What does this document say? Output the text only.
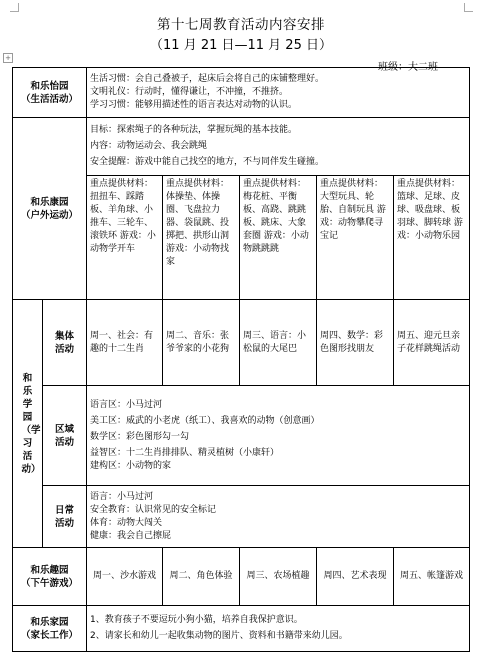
+
第十七周教育活动内容安排
（11 月 21 日—11 月 25 日）
班级：大二班
和乐怡园
（生活活动）		生活习惯：会自己叠被子，起床后会将自己的床铺整理好。
文明礼仪：行动时，懂得谦让，不冲撞，不推挤。
学习习惯：能够用描述性的语言表达对动物的认识。				

和乐康园
（户外运动）		目标：探索绳子的各种玩法，掌握玩绳的基本技能。
内容：动物运动会、我会跳绳
安全提醒：游戏中能自己找空的地方，不与同伴发生碰撞。				

		重点提供材料：扭扭车、踩踏板、羊角球、小推车、三轮车、滚铁环 游戏：小动物学开车	重点提供材料：体操垫、体操圈、飞盘拉力器、袋鼠跳、投掷把、拱形山洞 游戏：小动物找家	重点提供材料：梅花桩、平衡板、高跷、跳跳板、跳床、大象套圈 游戏：小动物跳跳跳	重点提供材料：大型玩具、轮胎、自制玩具 游戏：动物攀爬寻宝记	重点提供材料：篮球、足球、皮球、吸盘球、板羽球、脚转球 游戏：小动物乐园

和乐学园（学习活动）	集体活动	周一、社会：有趣的十二生肖	周二、音乐：张爷爷家的小花狗	周三、语言：小松鼠的大尾巴	周四、数学：彩色图形找朋友	周五、迎元旦亲子花样跳绳活动

	区域活动	语言区：小马过河
美工区：威武的小老虎（纸工）、我喜欢的动物（创意画）
数学区：彩色图形勾一勾
益智区：十二生肖排排队、精灵植树（小康轩）
建构区：小动物的家				

	日常活动	语言：小马过河
安全教育：认识常见的安全标记
体育：动物大闯关
健康：我会自己擦屁				

和乐趣园
（下午游戏）		周一、沙水游戏	周二、角色体验	周三、农场植趣	周四、艺术表现	周五、帐篷游戏

和乐家园
（家长工作）		1、教育孩子不要逗玩小狗小猫，培养自我保护意识。
2、请家长和幼儿一起收集动物的图片、资料和书籍带来幼儿园。				
